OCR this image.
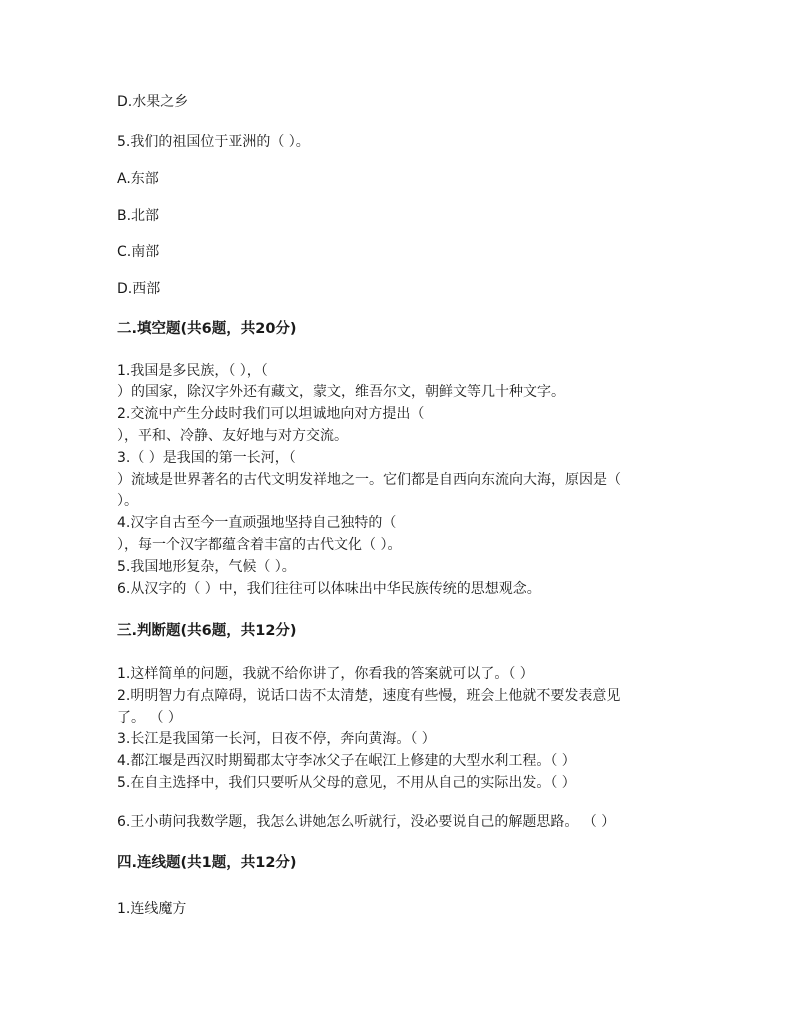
D.水果之乡
5.我们的祖国位于亚洲的（ ）。
A.东部
B.北部
C.南部
D.西部
二.填空题(共6题，共20分)
1.我国是多民族，（ ），（
）的国家，除汉字外还有藏文，蒙文，维吾尔文，朝鲜文等几十种文字。
2.交流中产生分歧时我们可以坦诚地向对方提出（
），平和、冷静、友好地与对方交流。
3.（ ）是我国的第一长河，（
）流域是世界著名的古代文明发祥地之一。它们都是自西向东流向大海，原因是（
）。
4.汉字自古至今一直顽强地坚持自己独特的（
），每一个汉字都蕴含着丰富的古代文化（ ）。
5.我国地形复杂，气候（ ）。
6.从汉字的（ ）中，我们往往可以体味出中华民族传统的思想观念。
三.判断题(共6题，共12分)
1.这样简单的问题，我就不给你讲了，你看我的答案就可以了。（ ）
2.明明智力有点障碍，说话口齿不太清楚，速度有些慢，班会上他就不要发表意见
了。 （ ）
3.长江是我国第一长河，日夜不停，奔向黄海。（ ）
4.都江堰是西汉时期蜀郡太守李冰父子在岷江上修建的大型水利工程。（ ）
5.在自主选择中，我们只要听从父母的意见，不用从自己的实际出发。（ ）
6.王小萌问我数学题，我怎么讲她怎么听就行，没必要说自己的解题思路。 （ ）
四.连线题(共1题，共12分)
1.连线魔方
